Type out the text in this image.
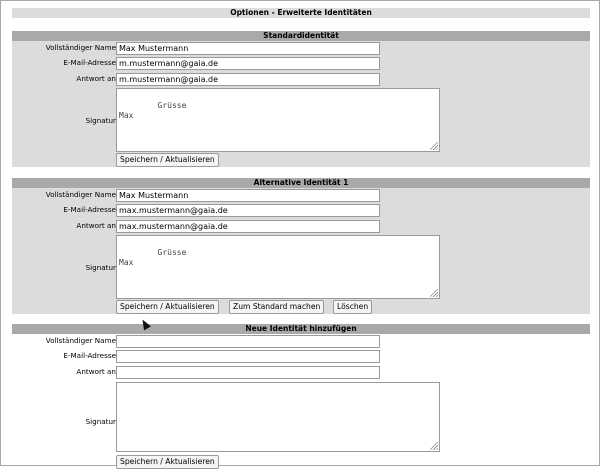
Optionen - Erweiterte Identitäten
Standardidentität
Vollständiger Name Max Mustermann
E-Mail-Adresse m.mustermann@gaia.de
Antwort an m.mustermann@gaia.de
Signatur

Grüsse
Max

Speichern / Aktualisieren
Alternative Identität 1
Vollständiger Name Max Mustermann
E-Mail-Adresse max.mustermann@gaia.de
Antwort an max.mustermann@gaia.de
Signatur

Grüsse
Max

Speichern / Aktualisieren	Zum Standard machen	Löschen
Neue Identität hinzufügen
Vollständiger Name
E-Mail-Adresse
Antwort an
Signatur

Speichern / Aktualisieren
